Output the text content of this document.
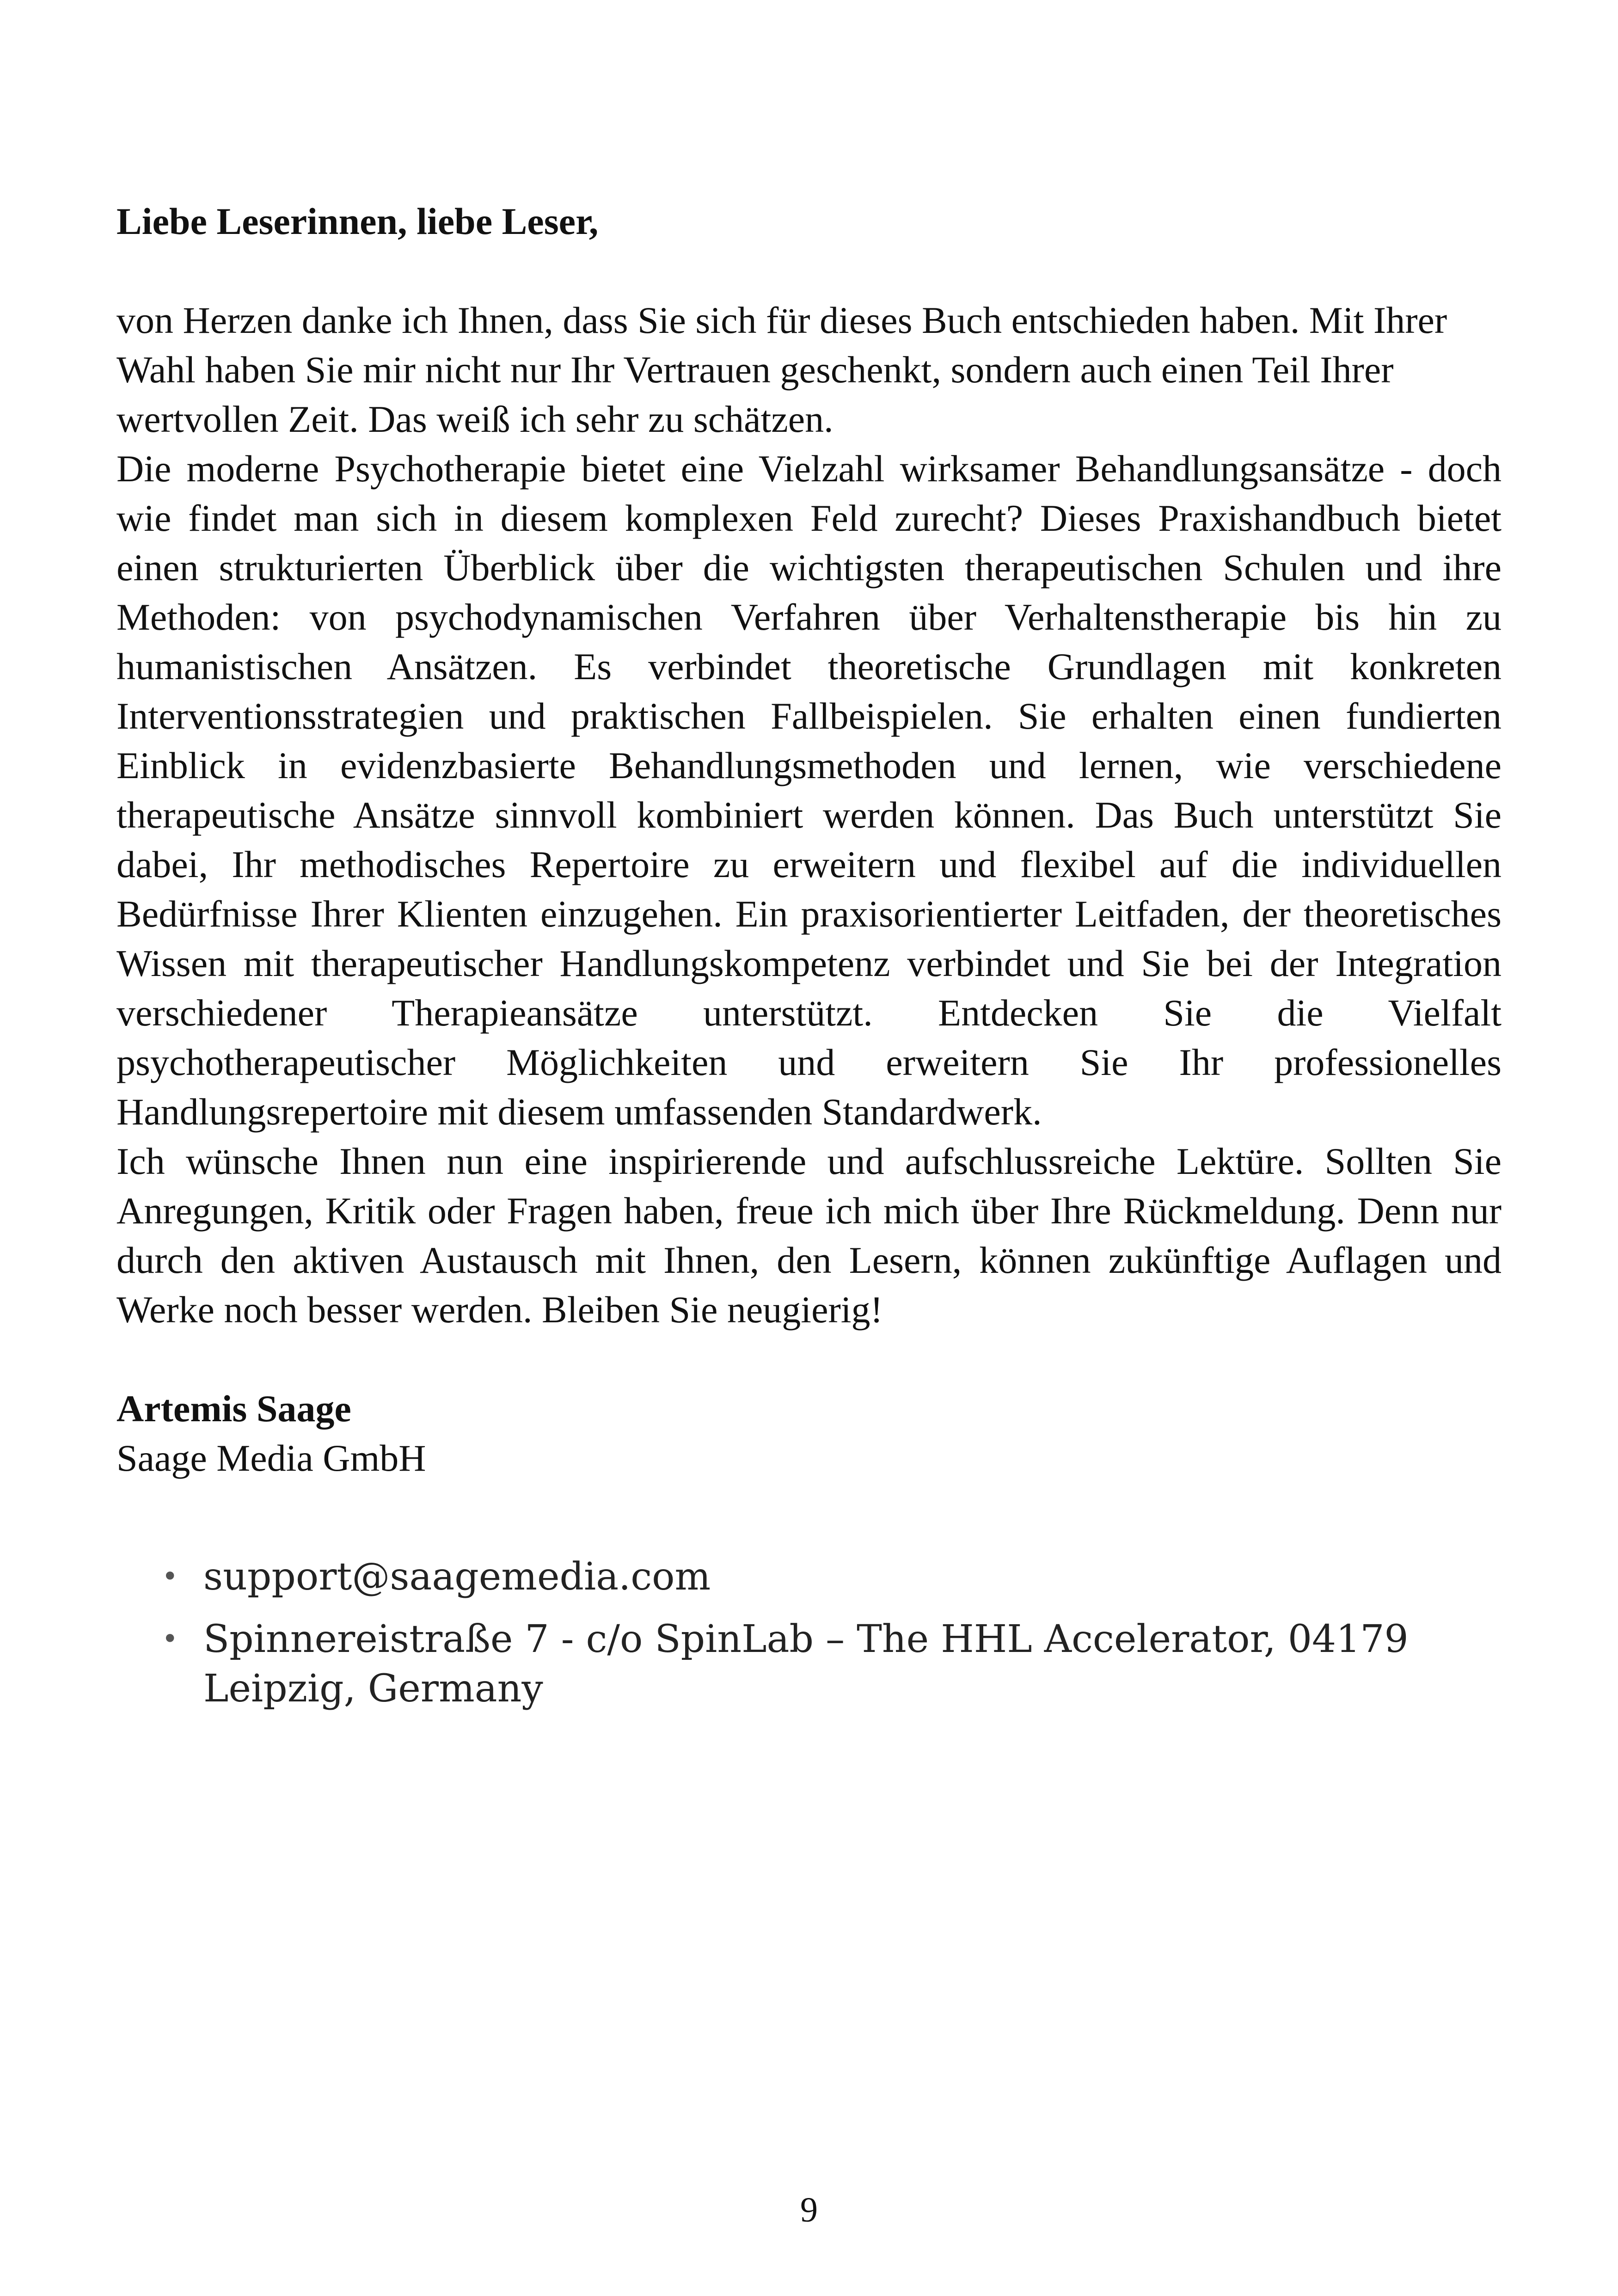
Liebe Leserinnen, liebe Leser,

von Herzen danke ich Ihnen, dass Sie sich für dieses Buch entschieden haben. Mit Ihrer Wahl haben Sie mir nicht nur Ihr Vertrauen geschenkt, sondern auch einen Teil Ihrer wertvollen Zeit. Das weiß ich sehr zu schätzen.

Die moderne Psychotherapie bietet eine Vielzahl wirksamer Behandlungsansätze - doch wie findet man sich in diesem komplexen Feld zurecht? Dieses Praxishandbuch bietet einen strukturierten Überblick über die wichtigsten therapeutischen Schulen und ihre Methoden: von psychodynamischen Verfahren über Verhaltenstherapie bis hin zu humanistischen Ansätzen. Es verbindet theoretische Grundlagen mit konkreten Interventionsstrategien und praktischen Fallbeispielen. Sie erhalten einen fundierten Einblick in evidenzbasierte Behandlungsmethoden und lernen, wie verschiedene therapeutische Ansätze sinnvoll kombiniert werden können. Das Buch unterstützt Sie dabei, Ihr methodisches Repertoire zu erweitern und flexibel auf die individuellen Bedürfnisse Ihrer Klienten einzugehen. Ein praxisorientierter Leitfaden, der theoretisches Wissen mit therapeutischer Handlungskompetenz verbindet und Sie bei der Integration verschiedener Therapieansätze unterstützt. Entdecken Sie die Vielfalt psychotherapeutischer Möglichkeiten und erweitern Sie Ihr professionelles Handlungsrepertoire mit diesem umfassenden Standardwerk.

Ich wünsche Ihnen nun eine inspirierende und aufschlussreiche Lektüre. Sollten Sie Anregungen, Kritik oder Fragen haben, freue ich mich über Ihre Rückmeldung. Denn nur durch den aktiven Austausch mit Ihnen, den Lesern, können zukünftige Auflagen und Werke noch besser werden. Bleiben Sie neugierig!

Artemis Saage
Saage Media GmbH
• support@saagemedia.com
• Spinnereistraße 7 - c/o SpinLab – The HHL Accelerator, 04179 Leipzig, Germany
9
